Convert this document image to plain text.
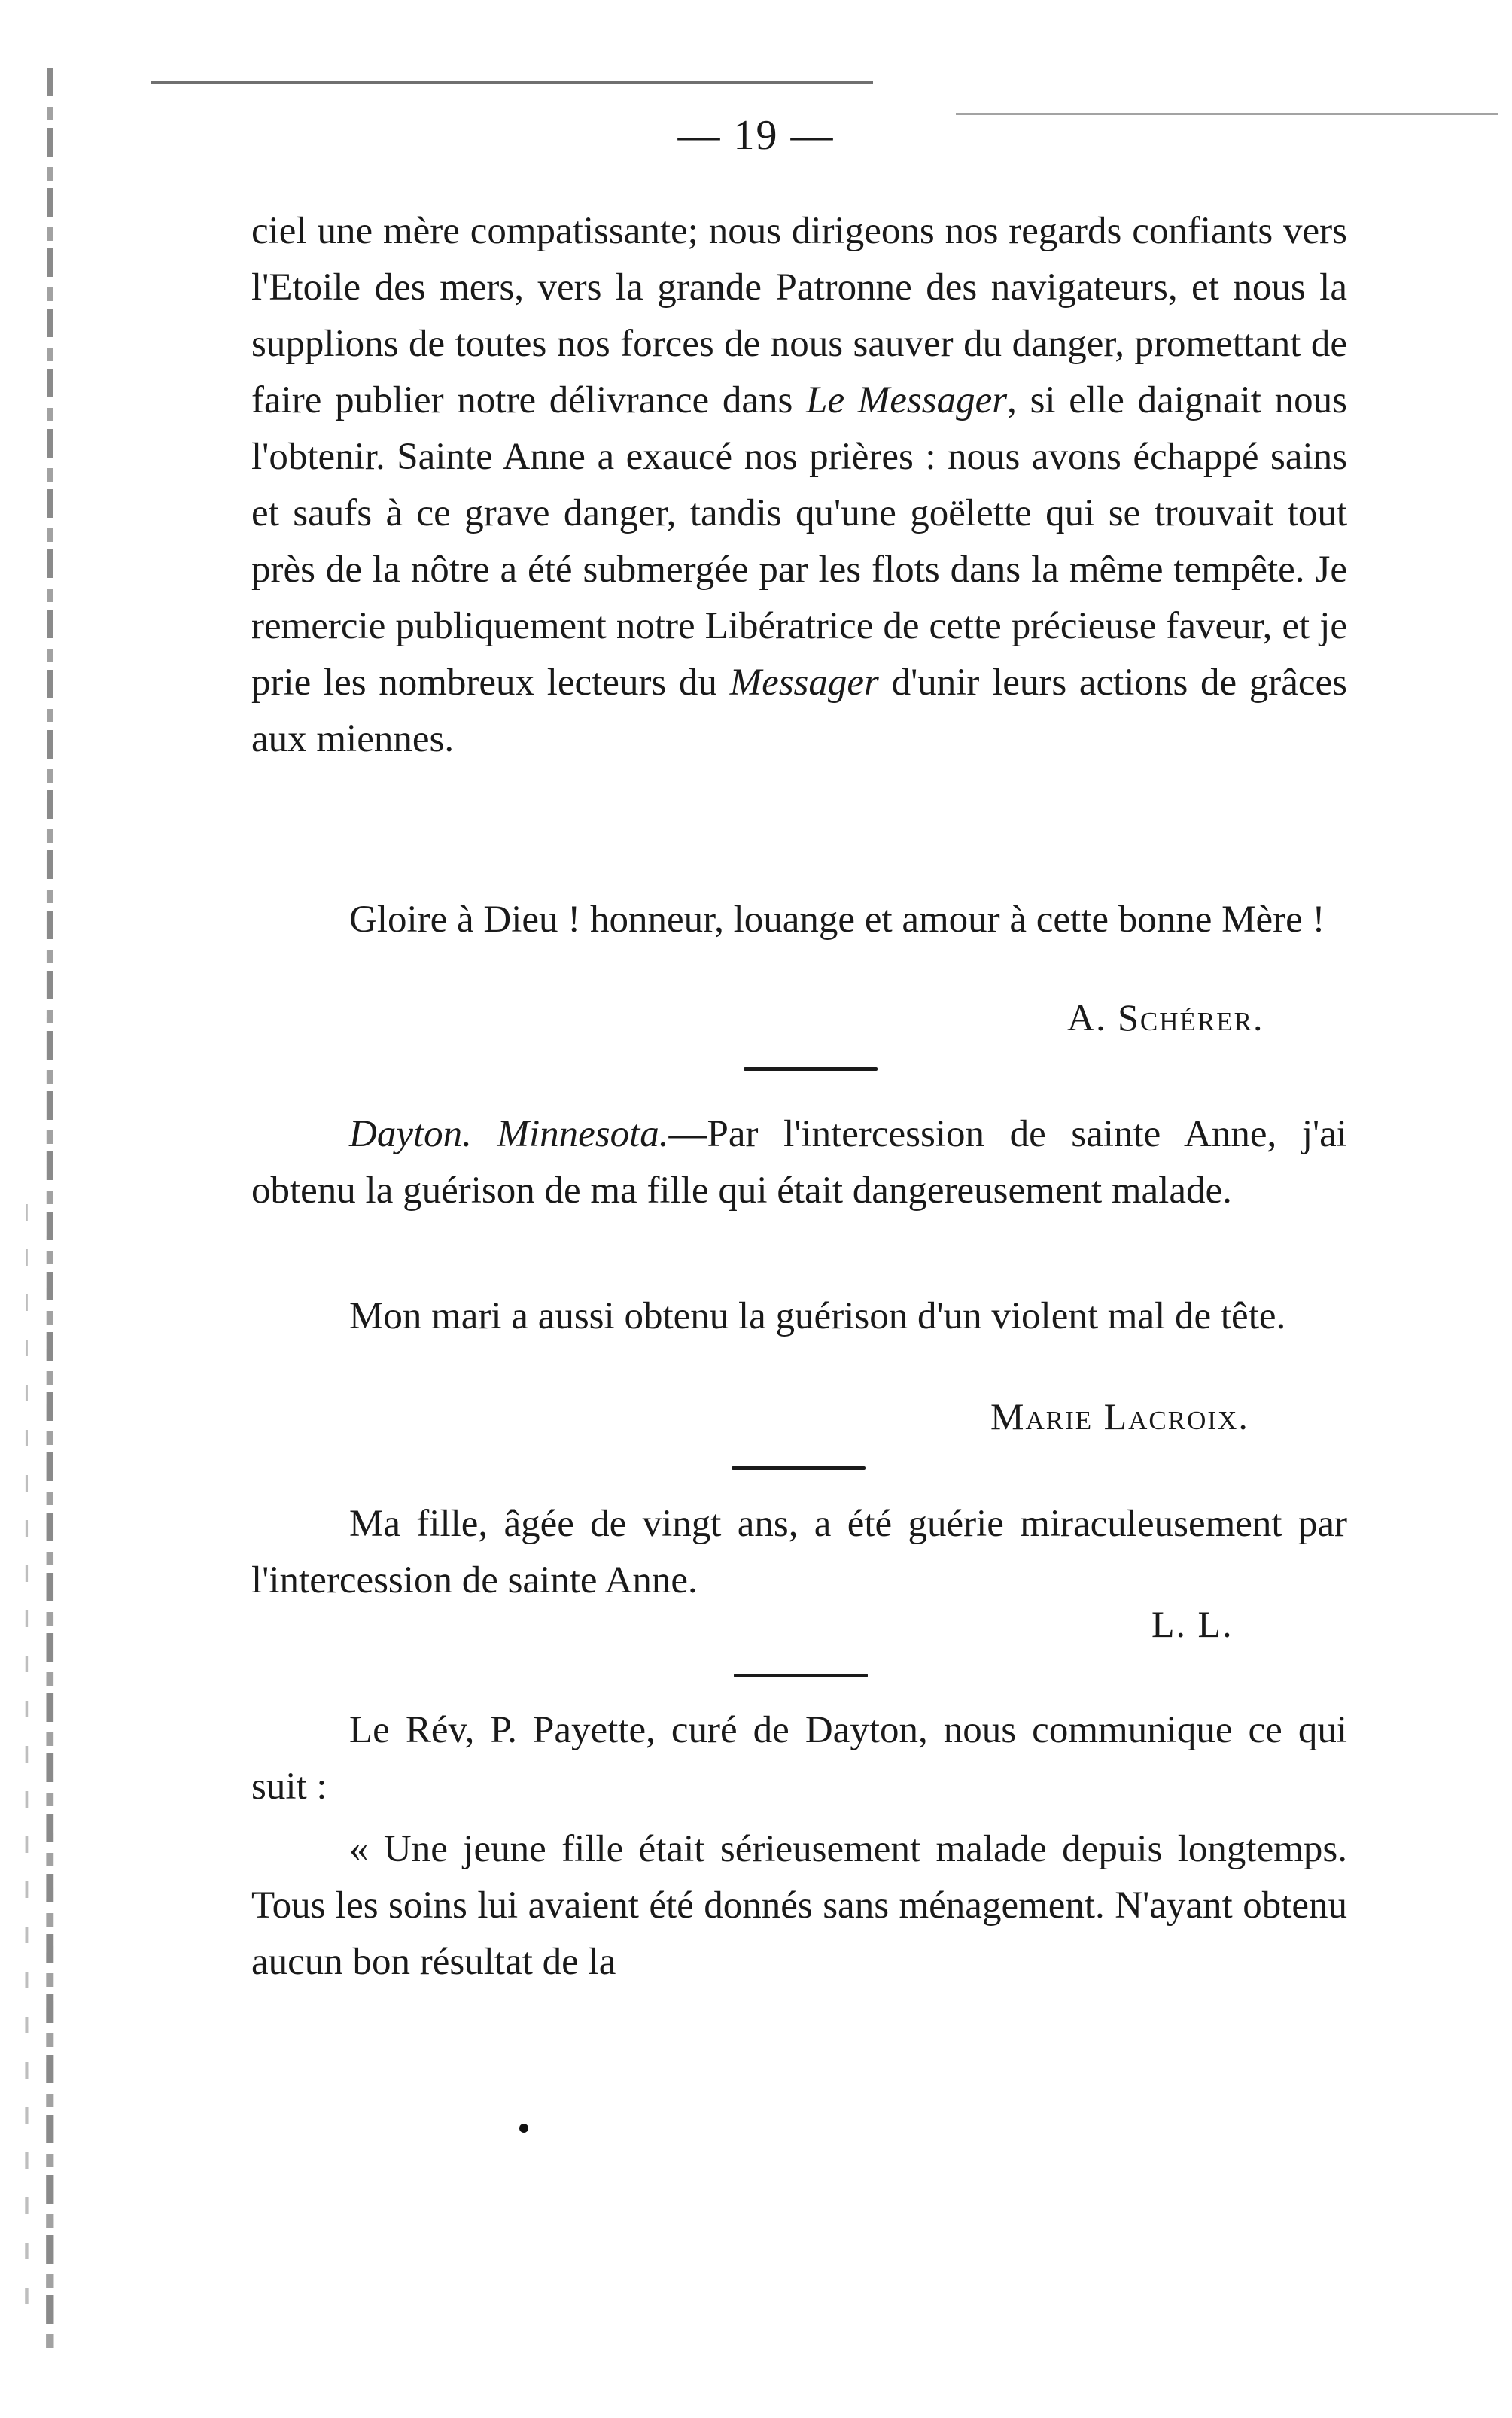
— 19 —

ciel une mère compatissante; nous dirigeons nos regards confiants vers l'Etoile des mers, vers la grande Patronne des navigateurs, et nous la supplions de toutes nos forces de nous sauver du danger, promettant de faire publier notre délivrance dans Le Messager, si elle daignait nous l'obtenir. Sainte Anne a exaucé nos prières : nous avons échappé sains et saufs à ce grave danger, tandis qu'une goëlette qui se trouvait tout près de la nôtre a été submergée par les flots dans la même tempête. Je remercie publiquement notre Libératrice de cette précieuse faveur, et je prie les nombreux lecteurs du Messager d'unir leurs actions de grâces aux miennes.

Gloire à Dieu ! honneur, louange et amour à cette bonne Mère !

A. Schérer.

Dayton. Minnesota.—Par l'intercession de sainte Anne, j'ai obtenu la guérison de ma fille qui était dangereusement malade.

Mon mari a aussi obtenu la guérison d'un violent mal de tête.

Marie Lacroix.

Ma fille, âgée de vingt ans, a été guérie miraculeusement par l'intercession de sainte Anne.

L. L.

Le Rév, P. Payette, curé de Dayton, nous communique ce qui suit :

« Une jeune fille était sérieusement malade depuis longtemps. Tous les soins lui avaient été donnés sans ménagement. N'ayant obtenu aucun bon résultat de la
